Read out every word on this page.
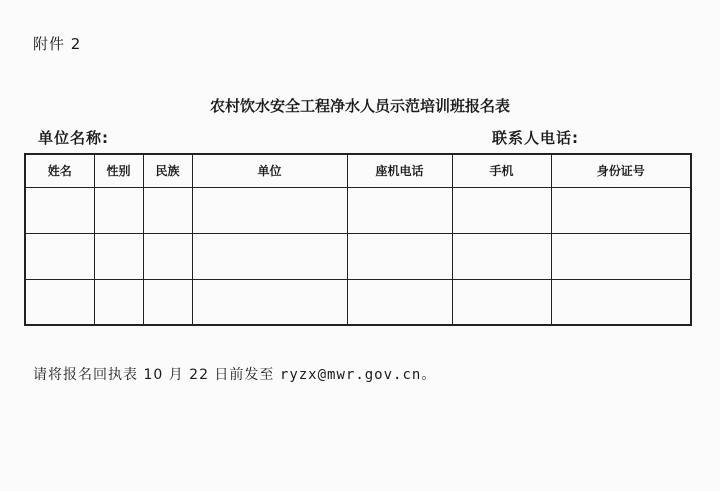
附件 2
农村饮水安全工程净水人员示范培训班报名表
单位名称:	联系人电话:
姓名	性别	民族	单位	座机电话	手机	身份证号

请将报名回执表 10 月 22 日前发至 ryzx@mwr.gov.cn。
